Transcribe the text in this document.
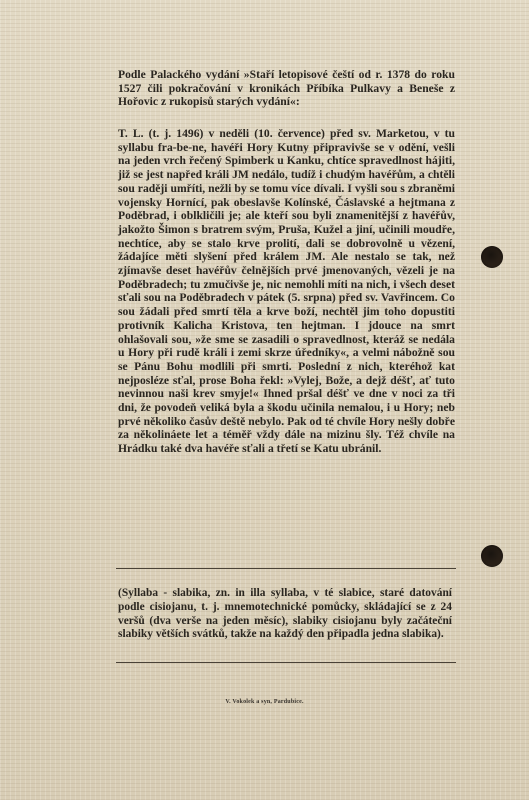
Podle Palackého vydání »Staří letopisové čeští od r. 1378 do roku 1527 čili pokračování v kronikách Příbíka Pulkavy a Beneše z Hořovic z rukopisů starých vydání«:

T. L. (t. j. 1496) v neděli (10. července) před sv. Marketou, v tu syllabu fra-be-ne, havéři Hory Kutny připravivše se v odění, vešli na jeden vrch řečený Spimberk u Kanku, chtíce spravedlnost hájiti, již se jest napřed králi JM nedálo, tudíž i chudým havéřům, a chtěli sou raději umříti, nežli by se tomu více dívali. I vyšli sou s zbraněmi vojensky Hornící, pak obeslavše Kolínské, Čáslavské a hejtmana z Poděbrad, i oblkličili je; ale kteří sou byli znamenitější z havéřův, jakožto Šimon s bratrem svým, Pruša, Kužel a jiní, učinili moudře, nechtíce, aby se stalo krve prolití, dali se dobrovolně u vězení, žádajíce měti slyšení před králem JM. Ale nestalo se tak, než zjímavše deset havéřův čelnějších prvé jmenovaných, vězeli je na Poděbradech; tu zmučivše je, nic nemohli míti na nich, i všech deset sťali sou na Poděbradech v pátek (5. srpna) před sv. Vavřincem. Co sou žádali před smrtí těla a krve boží, nechtěl jim toho dopustiti protivník Kalicha Kristova, ten hejtman. I jdouce na smrt ohlašovali sou, »že sme se zasadili o spravedlnost, kteráž se nedála u Hory při rudě králi i zemi skrze úředníky«, a velmi nábožně sou se Pánu Bohu modlili při smrti. Poslední z nich, kteréhož kat nejposléze sťal, prose Boha řekl: »Vylej, Bože, a dejž déšť, ať tuto nevinnou naši krev smyje!« Ihned pršal déšť ve dne v noci za tři dni, že povodeň veliká byla a škodu učinila nemalou, i u Hory; neb prvé několiko časův deště nebylo. Pak od té chvíle Hory nešly dobře za několináete let a téměř vždy dále na mizinu šly. Též chvíle na Hrádku také dva havéře sťali a třetí se Katu ubránil.

(Syllaba - slabika, zn. in illa syllaba, v té slabice, staré datování podle cisiojanu, t. j. mnemotechnické pomůcky, skládající se z 24 veršů (dva verše na jeden měsíc), slabiky cisiojanu byly začáteční slabiky větších svátků, takže na každý den připadla jedna slabika).

V. Vokolek a syn, Pardubice.
